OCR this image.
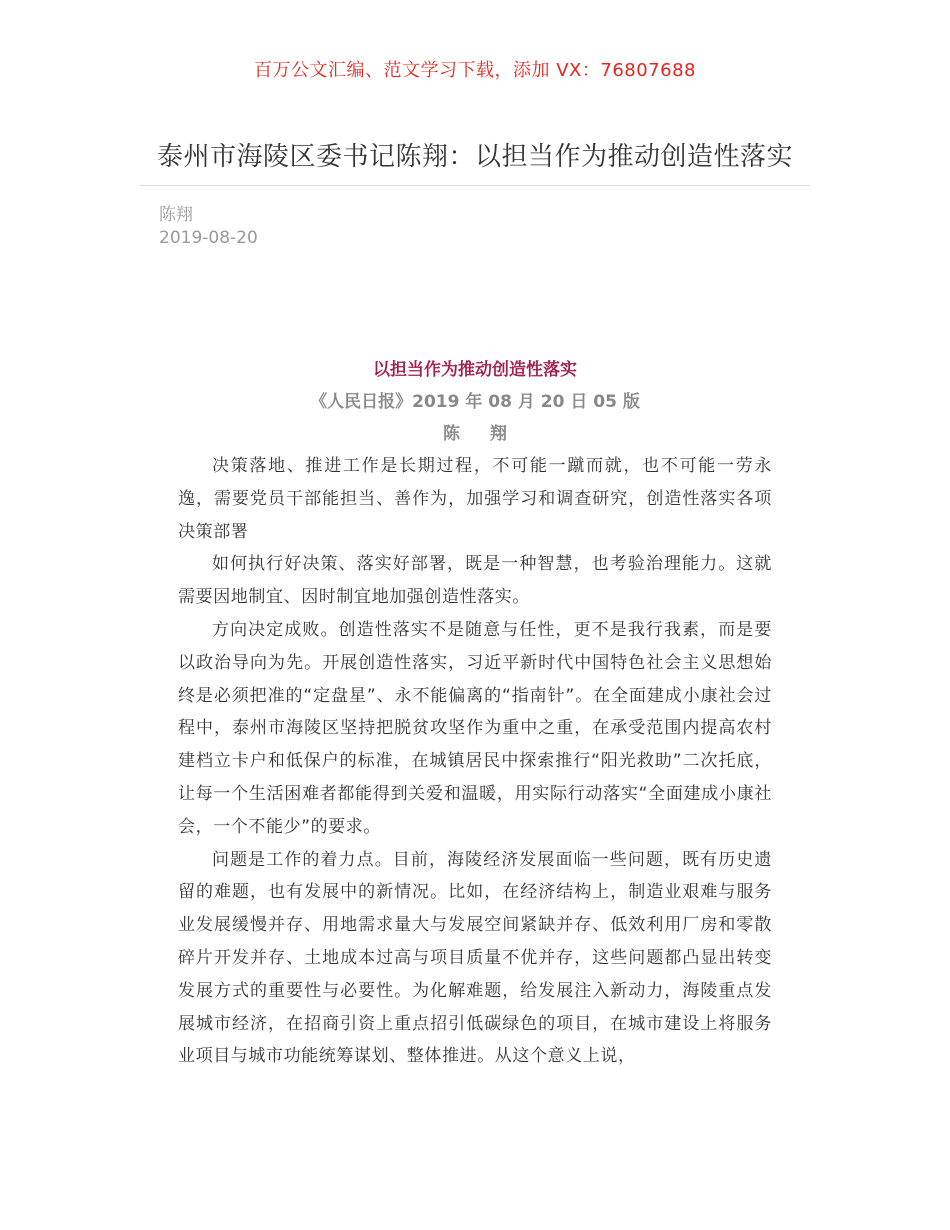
百万公文汇编、范文学习下载，添加 VX：76807688
泰州市海陵区委书记陈翔：以担当作为推动创造性落实
陈翔
2019-08-20
以担当作为推动创造性落实
《人民日报》2019 年 08 月 20 日 05 版
陈 翔

决策落地、推进工作是长期过程，不可能一蹴而就，也不可能一劳永逸，需要党员干部能担当、善作为，加强学习和调查研究，创造性落实各项决策部署

如何执行好决策、落实好部署，既是一种智慧，也考验治理能力。这就需要因地制宜、因时制宜地加强创造性落实。

方向决定成败。创造性落实不是随意与任性，更不是我行我素，而是要以政治导向为先。开展创造性落实，习近平新时代中国特色社会主义思想始终是必须把准的“定盘星”、永不能偏离的“指南针”。在全面建成小康社会过程中，泰州市海陵区坚持把脱贫攻坚作为重中之重，在承受范围内提高农村建档立卡户和低保户的标准，在城镇居民中探索推行“阳光救助”二次托底，让每一个生活困难者都能得到关爱和温暖，用实际行动落实“全面建成小康社会，一个不能少”的要求。

问题是工作的着力点。目前，海陵经济发展面临一些问题，既有历史遗留的难题，也有发展中的新情况。比如，在经济结构上，制造业艰难与服务业发展缓慢并存、用地需求量大与发展空间紧缺并存、低效利用厂房和零散碎片开发并存、土地成本过高与项目质量不优并存，这些问题都凸显出转变发展方式的重要性与必要性。为化解难题，给发展注入新动力，海陵重点发展城市经济，在招商引资上重点招引低碳绿色的项目，在城市建设上将服务业项目与城市功能统筹谋划、整体推进。从这个意义上说，
